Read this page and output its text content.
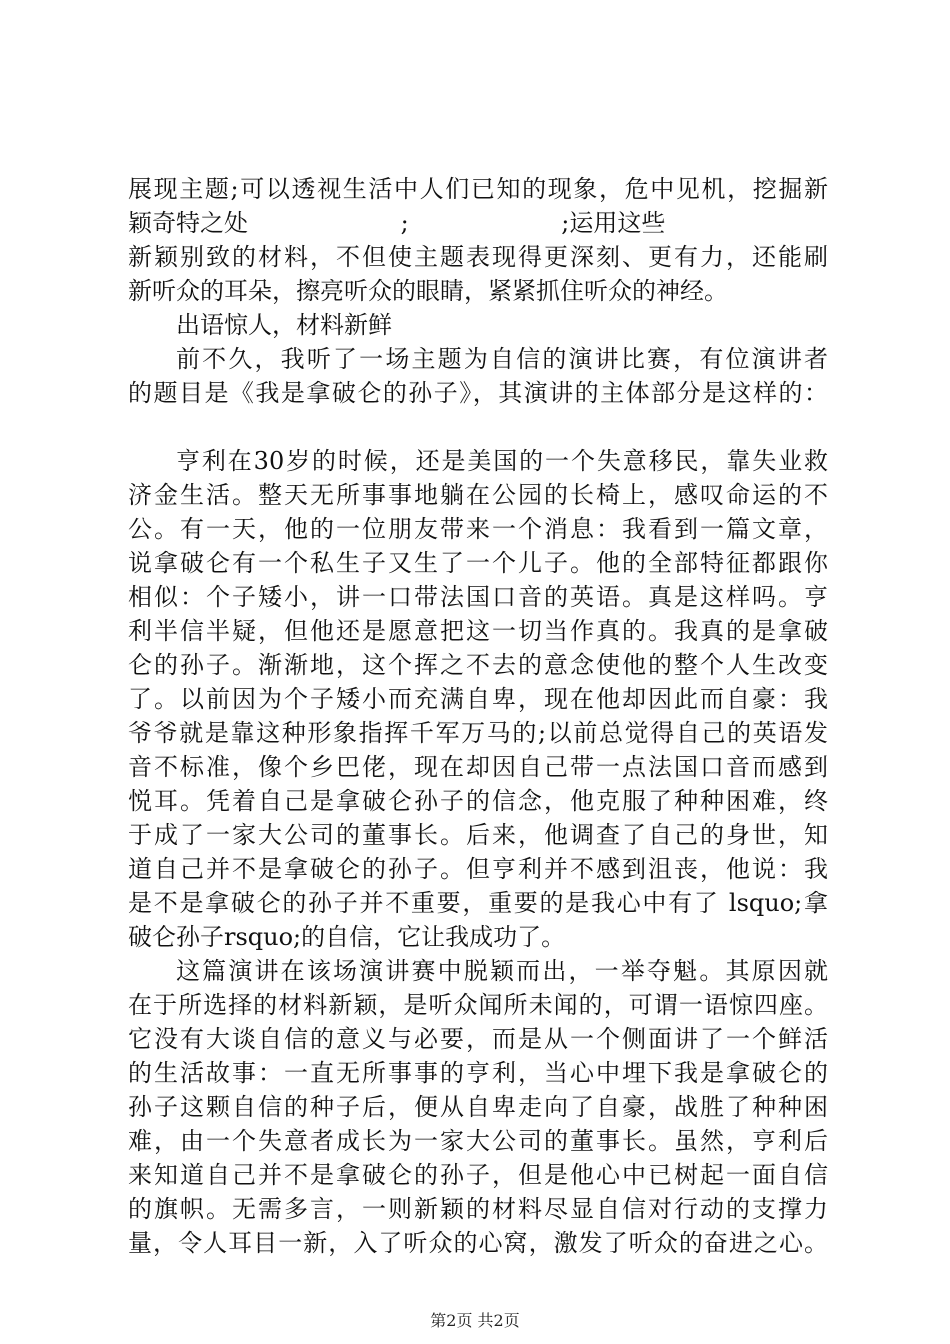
展现主题;可以透视生活中人们已知的现象，危中见机，挖掘新
颖奇特之处                    ;                    ;运用这些
新颖别致的材料，不但使主题表现得更深刻、更有力，还能刷
新听众的耳朵，擦亮听众的眼睛，紧紧抓住听众的神经。
出语惊人，材料新鲜
前不久，我听了一场主题为自信的演讲比赛，有位演讲者
的题目是《我是拿破仑的孙子》，其演讲的主体部分是这样的：
亨利在30岁的时候，还是美国的一个失意移民，靠失业救
济金生活。整天无所事事地躺在公园的长椅上，感叹命运的不
公。有一天，他的一位朋友带来一个消息：我看到一篇文章，
说拿破仑有一个私生子又生了一个儿子。他的全部特征都跟你
相似：个子矮小，讲一口带法国口音的英语。真是这样吗。亨
利半信半疑，但他还是愿意把这一切当作真的。我真的是拿破
仑的孙子。渐渐地，这个挥之不去的意念使他的整个人生改变
了。以前因为个子矮小而充满自卑，现在他却因此而自豪：我
爷爷就是靠这种形象指挥千军万马的;以前总觉得自己的英语发
音不标准，像个乡巴佬，现在却因自己带一点法国口音而感到
悦耳。凭着自己是拿破仑孙子的信念，他克服了种种困难，终
于成了一家大公司的董事长。后来，他调查了自己的身世，知
道自己并不是拿破仑的孙子。但亨利并不感到沮丧，他说：我
是不是拿破仑的孙子并不重要，重要的是我心中有了 lsquo;拿
破仑孙子rsquo;的自信，它让我成功了。
这篇演讲在该场演讲赛中脱颖而出，一举夺魁。其原因就
在于所选择的材料新颖，是听众闻所未闻的，可谓一语惊四座。
它没有大谈自信的意义与必要，而是从一个侧面讲了一个鲜活
的生活故事：一直无所事事的亨利，当心中埋下我是拿破仑的
孙子这颗自信的种子后，便从自卑走向了自豪，战胜了种种困
难，由一个失意者成长为一家大公司的董事长。虽然，亨利后
来知道自己并不是拿破仑的孙子，但是他心中已树起一面自信
的旗帜。无需多言，一则新颖的材料尽显自信对行动的支撑力
量，令人耳目一新，入了听众的心窝，激发了听众的奋进之心。
第2页 共2页
